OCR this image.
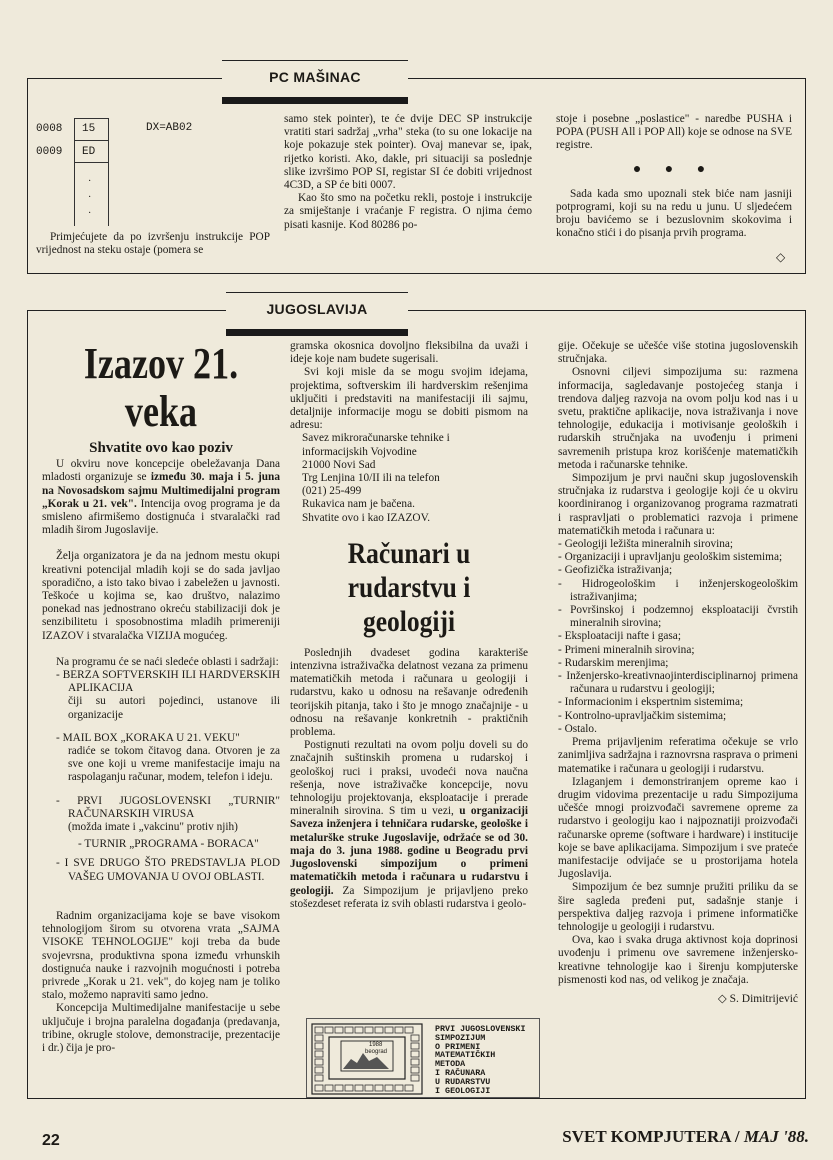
PC MAŠINAC
0008 15
0009 ED
·
·
·
DX=AB02

Primjećujete da po izvršenju instrukcije POP vrijednost na steku ostaje (pomera se

samo stek pointer), te će dvije DEC SP instrukcije vratiti stari sadržaj „vrha" steka (to su one lokacije na koje pokazuje stek pointer). Ovaj manevar se, ipak, rijetko koristi. Ako, dakle, pri situaciji sa poslednje slike izvršimo POP SI, registar SI će dobiti vrijednost 4C3D, a SP će biti 0007.

Kao što smo na početku rekli, postoje i instrukcije za smiještanje i vraćanje F registra. O njima ćemo pisati kasnije. Kod 80286 po-

stoje i posebne „poslastice" - naredbe PUSHA i POPA (PUSH All i POP All) koje se odnose na SVE registre.

● ● ●

Sada kada smo upoznali stek biće nam jasniji potprogrami, koji su na redu u junu. U sljedećem broju bavićemo se i bezuslovnim skokovima i konačno stići i do pisanja prvih programa.

◇
JUGOSLAVIJA
Izazov 21.
veka
Shvatite ovo kao poziv

U okviru nove koncepcije obeležavanja Dana mladosti organizuje se između 30. maja i 5. juna na Novosadskom sajmu Multimedijalni program „Korak u 21. vek". Intencija ovog programa je da smisleno afirmišemo dostignuća i stvaralački rad mladih širom Jugoslavije.

Želja organizatora je da na jednom mestu okupi kreativni potencijal mladih koji se do sada javljao sporadično, a isto tako bivao i zabeležen u javnosti. Teškoće u kojima se, kao društvo, nalazimo ponekad nas jednostrano okreću stabilizaciji dok je senzibilitetu i sposobnostima mladih primereniji IZAZOV i stvaralačka VIZIJA mogućeg.

Na programu će se naći sledeće oblasti i sadržaji:

- BERZA SOFTVERSKIH ILI HARDVERSKIH APLIKACIJA
čiji su autori pojedinci, ustanove ili organizacije
- MAIL BOX „KORAKA U 21. VEKU"
radiće se tokom čitavog dana. Otvoren je za sve one koji u vreme manifestacije imaju na raspolaganju računar, modem, telefon i ideju.
- PRVI JUGOSLOVENSKI „TURNIR" RAČUNARSKIH VIRUSA
(možda imate i „vakcinu" protiv njih)
- TURNIR „PROGRAMA - BORACA"
- I SVE DRUGO ŠTO PREDSTAVLJA PLOD VAŠEG UMOVANJA U OVOJ OBLASTI.

Radnim organizacijama koje se bave visokom tehnologijom širom su otvorena vrata „SAJMA VISOKE TEHNOLOGIJE" koji treba da bude svojevrsna, produktivna spona između vrhunskih dostignuća nauke i razvojnih mogućnosti i potreba privrede „Korak u 21. vek", do kojeg nam je toliko stalo, možemo napraviti samo jedno.

Koncepcija Multimedijalne manifestacije u sebe uključuje i brojna paralelna događanja (predavanja, tribine, okrugle stolove, demonstracije, prezentacije i dr.) čija je pro-

gramska okosnica dovoljno fleksibilna da uvaži i ideje koje nam budete sugerisali.

Svi koji misle da se mogu svojim idejama, projektima, softverskim ili hardverskim rešenjima uključiti i predstaviti na manifestaciji ili sajmu, detaljnije informacije mogu se dobiti pismom na adresu:

Savez mikroračunarske tehnike i
informacijskih Vojvodine
21000 Novi Sad
Trg Lenjina 10/II ili na telefon
(021) 25-499
Rukavica nam je bačena.
Shvatite ovo i kao IZAZOV.
Računari u
rudarstvu i
geologiji

Poslednjih dvadeset godina karakteriše intenzivna istraživačka delatnost vezana za primenu matematičkih metoda i računara u geologiji i rudarstvu, kako u odnosu na rešavanje određenih teorijskih pitanja, tako i što je mnogo značajnije - u odnosu na rešavanje konkretnih - praktičnih problema.

Postignuti rezultati na ovom polju doveli su do značajnih suštinskih promena u rudarskoj i geološkoj ruci i praksi, uvodeći nova naučna rešenja, nove istraživačke koncepcije, novu tehnologiju projektovanja, eksploatacije i prerade mineralnih sirovina. S tim u vezi, u organizaciji Saveza inženjera i tehničara rudarske, geološke i metalurške struke Jugoslavije, održaće se od 30. maja do 3. juna 1988. godine u Beogradu prvi Jugoslovenski simpozijum o primeni matematičkih metoda i računara u rudarstvu i geologiji. Za Simpozijum je prijavljeno preko stošezdeset referata iz svih oblasti rudarstva i geolo-

gije. Očekuje se učešće više stotina jugoslovenskih stručnjaka.

Osnovni ciljevi simpozijuma su: razmena informacija, sagledavanje postojećeg stanja i trendova daljeg razvoja na ovom polju kod nas i u svetu, praktične aplikacije, nova istraživanja i nove tehnologije, edukacija i motivisanje geoloških i rudarskih stručnjaka na uvođenju i primeni savremenih pristupa kroz korišćenje matematičkih metoda i računarske tehnike.

Simpozijum je prvi naučni skup jugoslovenskih stručnjaka iz rudarstva i geologije koji će u okviru koordiniranog i organizovanog programa razmatrati i raspravljati o problematici razvoja i primene matematičkih metoda i računara u:

- Geologiji ležišta mineralnih sirovina;
- Organizaciji i upravljanju geološkim sistemima;
- Geofizička istraživanja;
- Hidrogeološkim i inženjerskogeološkim istraživanjima;
- Površinskoj i podzemnoj eksploataciji čvrstih mineralnih sirovina;
- Eksploataciji nafte i gasa;
- Primeni mineralnih sirovina;
- Rudarskim merenjima;
- Inženjersko-kreativnaojinterdisciplinarnoj primena računara u rudarstvu i geologiji;
- Informacionim i ekspertnim sistemima;
- Kontrolno-upravljačkim sistemima;
- Ostalo.

Prema prijavljenim referatima očekuje se vrlo zanimljiva sadržajna i raznovrsna rasprava o primeni matematike i računara u geologiji i rudarstvu.

Izlaganjem i demonstriranjem opreme kao i drugim vidovima prezentacije u radu Simpozijuma učešće mnogi proizvođači savremene opreme za rudarstvo i geologiju kao i najpoznatiji proizvođači računarske opreme (software i hardware) i institucije koje se bave aplikacijama. Simpozijum i sve prateće manifestacije odvijaće se u prostorijama hotela Jugoslavija.

Simpozijum će bez sumnje pružiti priliku da se šire sagleda pređeni put, sadašnje stanje i perspektiva daljeg razvoja i primene informatičke tehnologije u geologiji i rudarstvu.

Ova, kao i svaka druga aktivnost koja doprinosi uvođenju i primenu ove savremene inženjersko-kreativne tehnologije kao i širenju kompjuterske pismenosti kod nas, od velikog je značaja.

◇ S. Dimitrijević
1988
beograd
PRVI JUGOSLOVENSKI
SIMPOZIJUM
O PRIMENI
MATEMATIČKIH
METODA
I RAČUNARA
U RUDARSTVU
I GEOLOGIJI
22	SVET KOMPJUTERA / MAJ '88.
